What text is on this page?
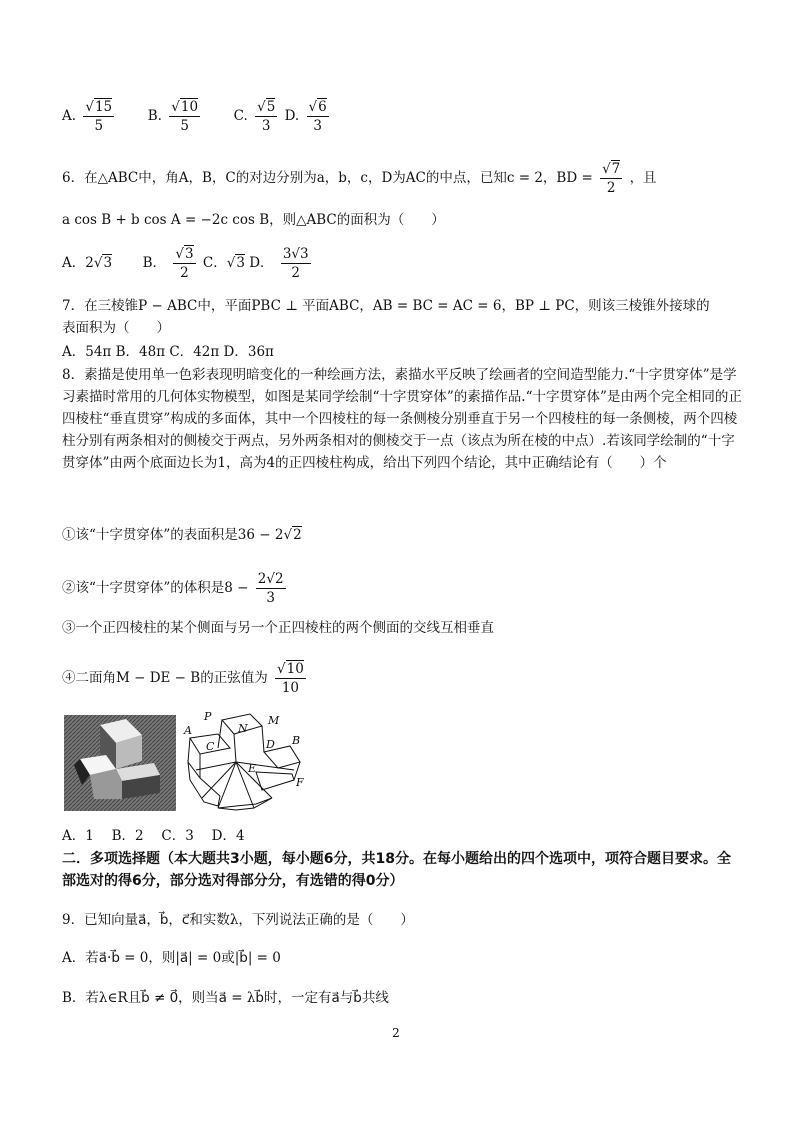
A. √ $\frac{15}{5} B$. √ $\frac{10}{5} C$. √ $\frac{5}{3} D$. √ $\frac{6}{3}$
6．在△ABC中，角A，B，C的对边分别为a，b，c，D为AC的中点，已知c = 2，BD = √ $\frac{7}{2}$ ，且
a cos B + b cos A = −2c cos B，则△ABC的面积为（　　）
A．2 √ 3 B． √ $\frac{3}{2}$ C． √ 3 D． $\frac{3√3}{2}$
7．在三棱锥P − ABC中，平面PBC ⊥ 平面ABC，AB = BC = AC = 6，BP ⊥ PC，则该三棱锥外接球的
表面积为（　　）
A．54π B．48π C．42π D．36π
8．素描是使用单一色彩表现明暗变化的一种绘画方法，素描水平反映了绘画者的空间造型能力.“十字贯穿体”是学习素描时常用的几何体实物模型，如图是某同学绘制“十字贯穿体”的素描作品.“十字贯穿体”是由两个完全相同的正四棱柱“垂直贯穿”构成的多面体，其中一个四棱柱的每一条侧棱分别垂直于另一个四棱柱的每一条侧棱，两个四棱柱分别有两条相对的侧棱交于两点，另外两条相对的侧棱交于一点（该点为所在棱的中点）.若该同学绘制的“十字贯穿体”由两个底面边长为1，高为4的正四棱柱构成，给出下列四个结论，其中正确结论有（　　）个
①该“十字贯穿体”的表面积是36 − 2 √ 2
②该“十字贯穿体”的体积是$8 - \frac{2√2}{3}$
③一个正四棱柱的某个侧面与另一个正四棱柱的两个侧面的交线互相垂直
④二面角M − DE − B的正弦值为 √ $\frac{10}{10}$
P
N
M
A
C	D B
E
F
A．1　 B．2　 C．3　 D．4
二．多项选择题（本大题共3小题，每小题6分，共18分。在每小题给出的四个选项中，项符合题目要求。全部选对的得6分，部分选对得部分分，有选错的得0分）
9．已知向量a⃗，b⃗，c⃗和实数λ，下列说法正确的是（　　）
A．若a⃗·b⃗ = 0，则|a⃗| = 0或|b⃗| = 0
B．若λ∈R且b⃗ ≠ 0⃗，则当a⃗ = λb⃗时，一定有a⃗与b⃗共线
2
